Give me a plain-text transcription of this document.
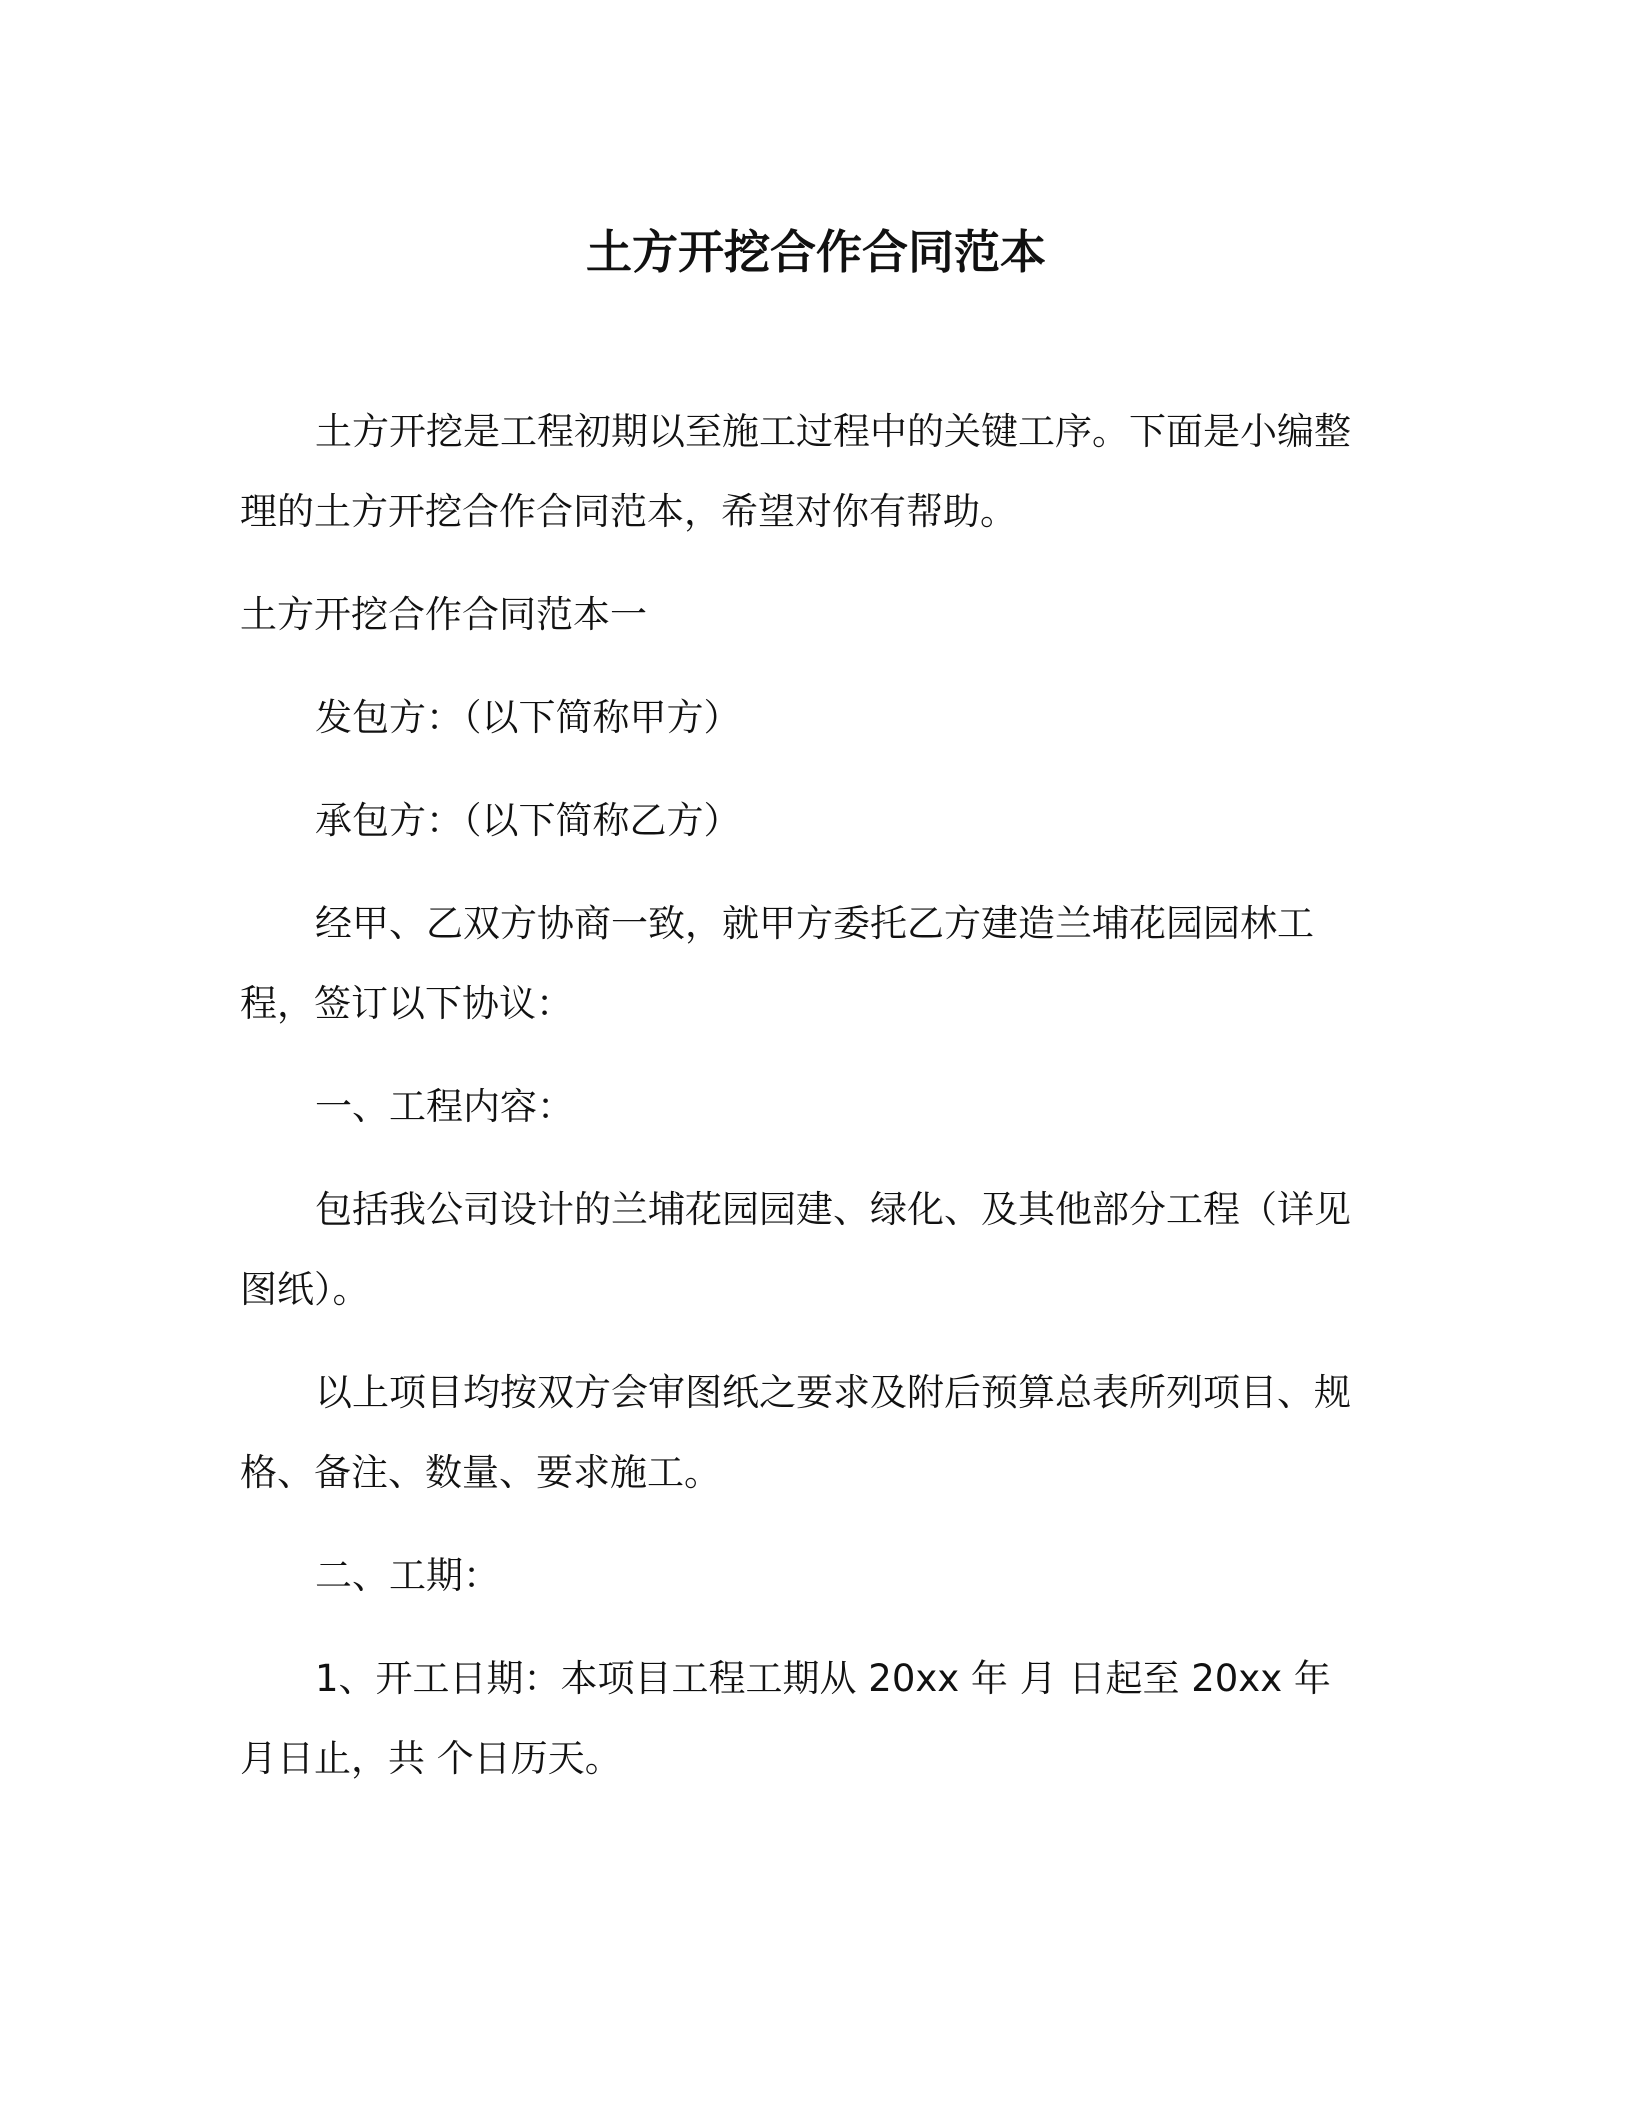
土方开挖合作合同范本

土方开挖是工程初期以至施工过程中的关键工序。下面是小编整理的土方开挖合作合同范本，希望对你有帮助。

土方开挖合作合同范本一

发包方：（以下简称甲方）

承包方：（以下简称乙方）

经甲、乙双方协商一致，就甲方委托乙方建造兰埔花园园林工程，签订以下协议：

一、工程内容：

包括我公司设计的兰埔花园园建、绿化、及其他部分工程（详见图纸）。

以上项目均按双方会审图纸之要求及附后预算总表所列项目、规格、备注、数量、要求施工。

二、工期：

1、开工日期：本项目工程工期从 20xx 年 月 日起至 20xx 年 月日止，共 个日历天。
